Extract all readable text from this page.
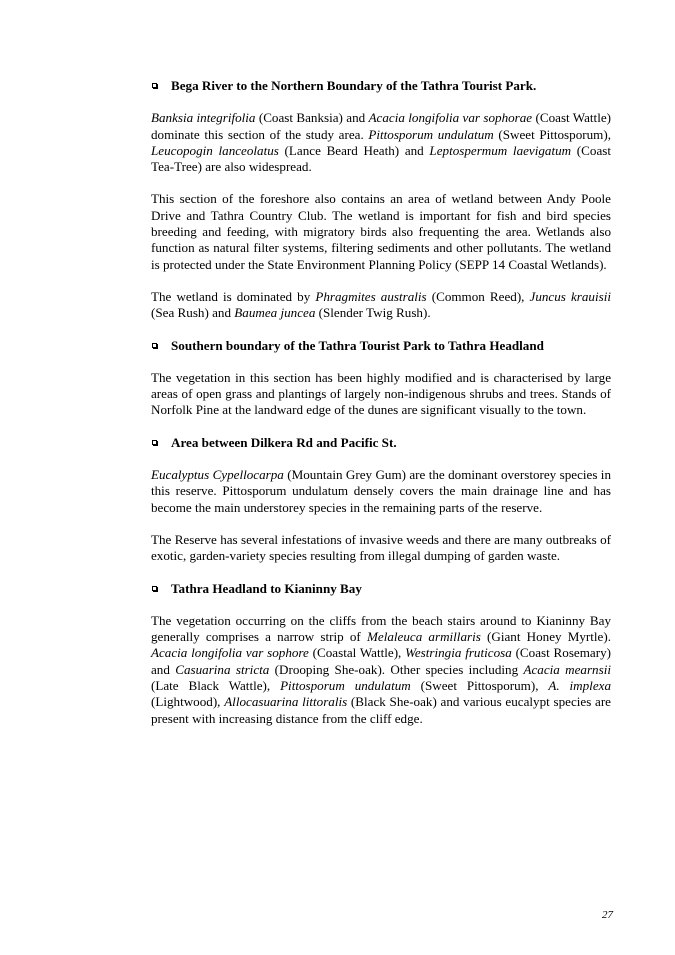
Bega River to the Northern Boundary of the Tathra Tourist Park.
Banksia integrifolia (Coast Banksia) and Acacia longifolia var sophorae (Coast Wattle) dominate this section of the study area. Pittosporum undulatum (Sweet Pittosporum), Leucopogin lanceolatus (Lance Beard Heath) and Leptospermum laevigatum (Coast Tea-Tree) are also widespread.
This section of the foreshore also contains an area of wetland between Andy Poole Drive and Tathra Country Club. The wetland is important for fish and bird species breeding and feeding, with migratory birds also frequenting the area. Wetlands also function as natural filter systems, filtering sediments and other pollutants. The wetland is protected under the State Environment Planning Policy (SEPP 14 Coastal Wetlands).
The wetland is dominated by Phragmites australis (Common Reed), Juncus krauisii (Sea Rush) and Baumea juncea (Slender Twig Rush).
Southern boundary of the Tathra Tourist Park to Tathra Headland
The vegetation in this section has been highly modified and is characterised by large areas of open grass and plantings of largely non-indigenous shrubs and trees. Stands of Norfolk Pine at the landward edge of the dunes are significant visually to the town.
Area between Dilkera Rd and Pacific St.
Eucalyptus Cypellocarpa (Mountain Grey Gum) are the dominant overstorey species in this reserve. Pittosporum undulatum densely covers the main drainage line and has become the main understorey species in the remaining parts of the reserve.
The Reserve has several infestations of invasive weeds and there are many outbreaks of exotic, garden-variety species resulting from illegal dumping of garden waste.
Tathra Headland to Kianinny Bay
The vegetation occurring on the cliffs from the beach stairs around to Kianinny Bay generally comprises a narrow strip of Melaleuca armillaris (Giant Honey Myrtle). Acacia longifolia var sophore (Coastal Wattle), Westringia fruticosa (Coast Rosemary) and Casuarina stricta (Drooping She-oak). Other species including Acacia mearnsii (Late Black Wattle), Pittosporum undulatum (Sweet Pittosporum), A. implexa (Lightwood), Allocasuarina littoralis (Black She-oak) and various eucalypt species are present with increasing distance from the cliff edge.
27
